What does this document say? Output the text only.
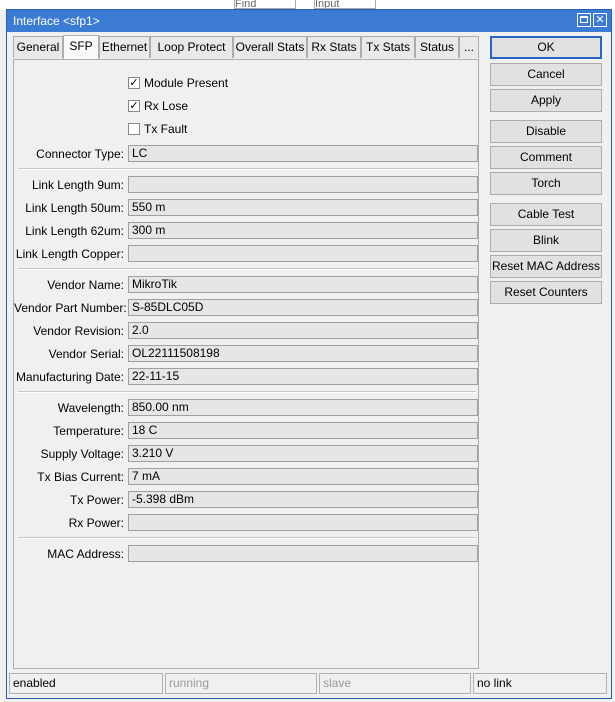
Find	Input
Interface <sfp1>	✕
General SFP Ethernet Loop Protect Overall Stats Rx Stats Tx Stats Status ...
✓ Module Present
✓ Rx Lose
Tx Fault
Connector Type: LC
Link Length 9um:
Link Length 50um: 550 m
Link Length 62um: 300 m
Link Length Copper:
Vendor Name: MikroTik
Vendor Part Number: S-85DLC05D
Vendor Revision: 2.0
Vendor Serial: OL22111508198
Manufacturing Date: 22-11-15
Wavelength: 850.00 nm
Temperature: 18 C
Supply Voltage: 3.210 V
Tx Bias Current: 7 mA
Tx Power: -5.398 dBm
Rx Power:
MAC Address:
OK
Cancel
Apply
Disable
Comment
Torch
Cable Test
Blink
Reset MAC Address
Reset Counters
enabled	running	slave	no link
